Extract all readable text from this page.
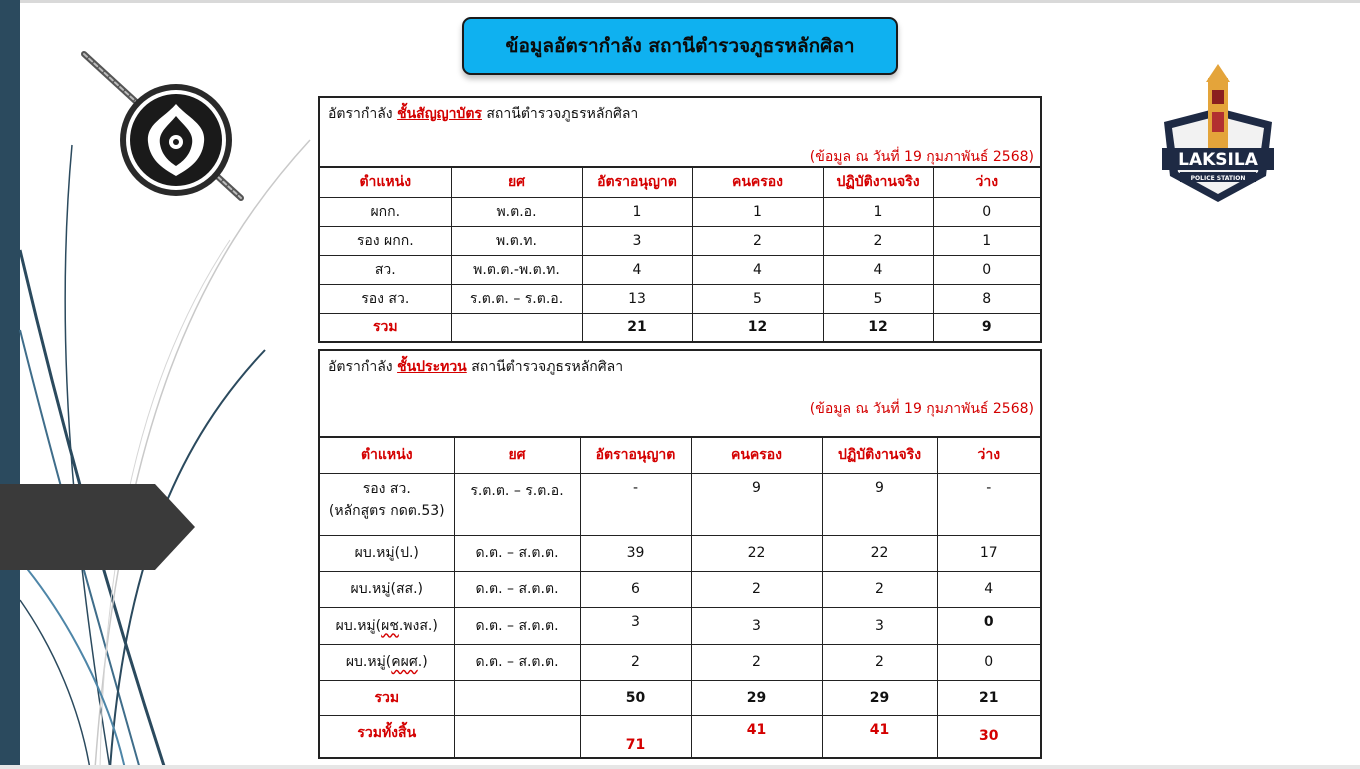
ข้อมูลอัตรากำลัง สถานีตำรวจภูธรหลักศิลา
LAKSILA
POLICE STATION
อัตรากำลัง ชั้นสัญญาบัตร สถานีตำรวจภูธรหลักศิลา
(ข้อมูล ณ วันที่ 19 กุมภาพันธ์ 2568)
ตำแหน่ง	ยศ	อัตราอนุญาต	คนครอง	ปฏิบัติงานจริง	ว่าง
ผกก.	พ.ต.อ.	1	1	1	0
รอง ผกก.	พ.ต.ท.	3	2	2	1
สว.	พ.ต.ต.-พ.ต.ท.	4	4	4	0
รอง สว.	ร.ต.ต. – ร.ต.อ.	13	5	5	8
รวม		21	12	12	9
อัตรากำลัง ชั้นประทวน สถานีตำรวจภูธรหลักศิลา
(ข้อมูล ณ วันที่ 19 กุมภาพันธ์ 2568)
ตำแหน่ง	ยศ	อัตราอนุญาต	คนครอง	ปฏิบัติงานจริง	ว่าง

รอง สว.
(หลักสูตร กดต.53)	ร.ต.ต. – ร.ต.อ.	-	9	9	-
ผบ.หมู่(ป.)	ด.ต. – ส.ต.ต.	39	22	22	17
ผบ.หมู่(สส.)	ด.ต. – ส.ต.ต.	6	2	2	4
ผบ.หมู่(ผช.พงส.)	ด.ต. – ส.ต.ต.	3	3	3	0
ผบ.หมู่(คผศ.)	ด.ต. – ส.ต.ต.	2	2	2	0
รวม		50	29	29	21
รวมทั้งสิ้น		71	41	41	30
